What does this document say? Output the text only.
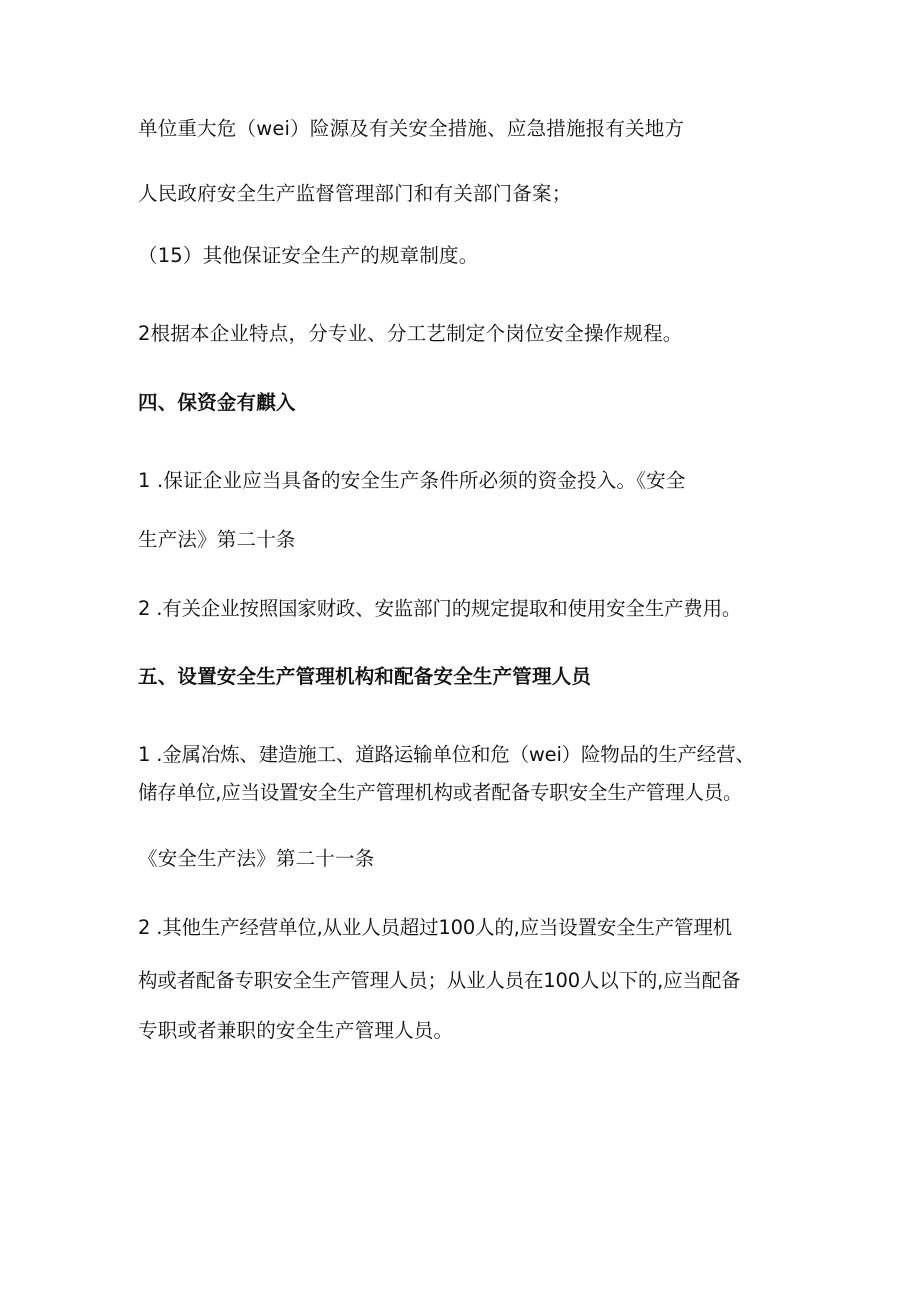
单位重大危（wei）险源及有关安全措施、应急措施报有关地方
人民政府安全生产监督管理部门和有关部门备案；
（15）其他保证安全生产的规章制度。
2根据本企业特点，分专业、分工艺制定个岗位安全操作规程。
四、保资金有麒入
1 .保证企业应当具备的安全生产条件所必须的资金投入。《安全
生产法》第二十条
2 .有关企业按照国家财政、安监部门的规定提取和使用安全生产费用。
五、设置安全生产管理机构和配备安全生产管理人员
1 .金属冶炼、建造施工、道路运输单位和危（wei）险物品的生产经营、
储存单位,应当设置安全生产管理机构或者配备专职安全生产管理人员。
《安全生产法》第二十一条
2 .其他生产经营单位,从业人员超过100人的,应当设置安全生产管理机
构或者配备专职安全生产管理人员；从业人员在100人以下的,应当配备
专职或者兼职的安全生产管理人员。
